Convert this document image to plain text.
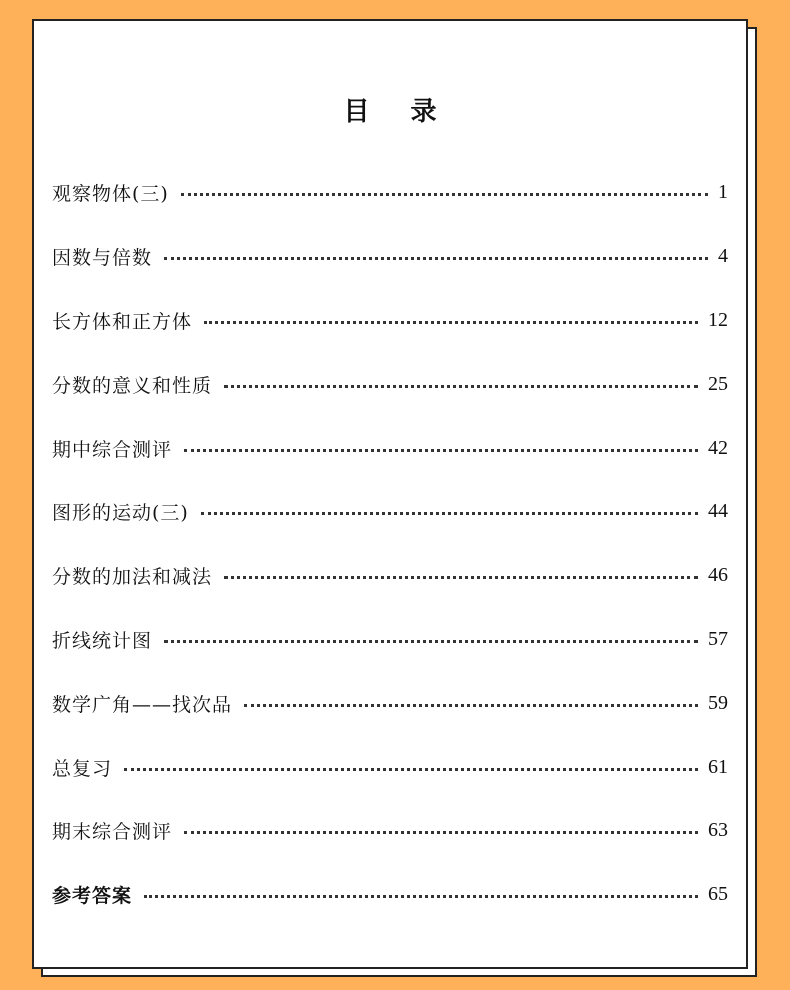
目 录
观察物体(三)	1
因数与倍数	4
长方体和正方体	12
分数的意义和性质	25
期中综合测评	42
图形的运动(三)	44
分数的加法和减法	46
折线统计图	57
数学广角——找次品	59
总复习	61
期末综合测评	63
参考答案	65
